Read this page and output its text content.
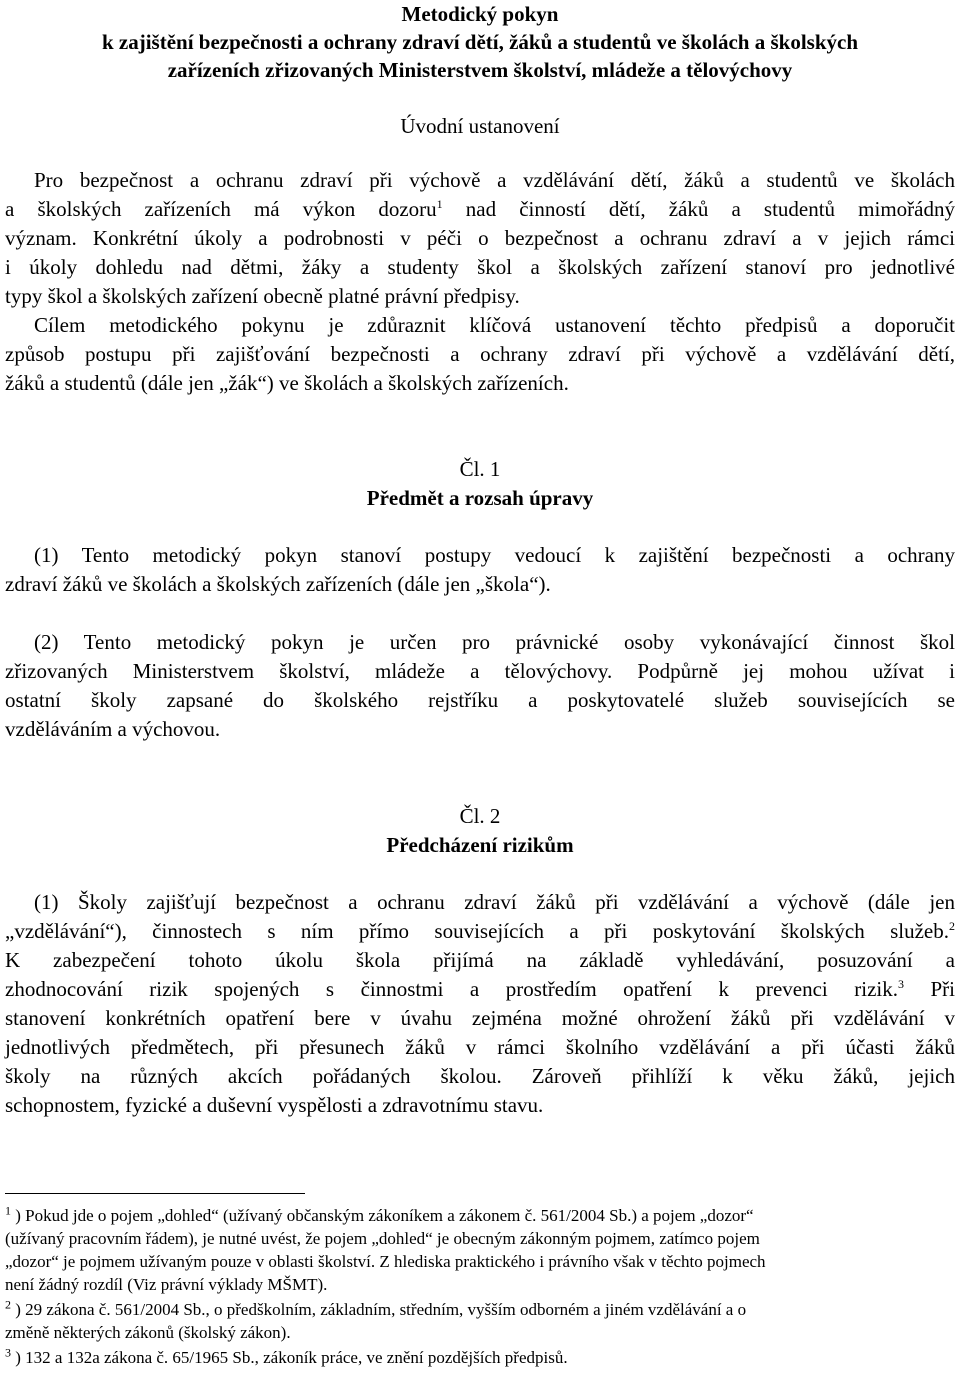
Metodický pokyn
k zajištění bezpečnosti a ochrany zdraví dětí, žáků a studentů ve školách a školských
zařízeních zřizovaných Ministerstvem školství, mládeže a tělovýchovy
Úvodní ustanovení
Pro bezpečnost a ochranu zdraví při výchově a vzdělávání dětí, žáků a studentů ve školách
a školských zařízeních má výkon dozoru$^1$ nad činností dětí, žáků a studentů mimořádný
význam. Konkrétní úkoly a podrobnosti v péči o bezpečnost a ochranu zdraví a v jejich rámci
i úkoly dohledu nad dětmi, žáky a studenty škol a školských zařízení stanoví pro jednotlivé
typy škol a školských zařízení obecně platné právní předpisy.
Cílem metodického pokynu je zdůraznit klíčová ustanovení těchto předpisů a doporučit
způsob postupu při zajišťování bezpečnosti a ochrany zdraví při výchově a vzdělávání dětí,
žáků a studentů (dále jen „žák“) ve školách a školských zařízeních.
Čl. 1
Předmět a rozsah úpravy
(1) Tento metodický pokyn stanoví postupy vedoucí k zajištění bezpečnosti a ochrany
zdraví žáků ve školách a školských zařízeních (dále jen „škola“).
(2) Tento metodický pokyn je určen pro právnické osoby vykonávající činnost škol
zřizovaných Ministerstvem školství, mládeže a tělovýchovy. Podpůrně jej mohou užívat i
ostatní školy zapsané do školského rejstříku a poskytovatelé služeb souvisejících se
vzděláváním a výchovou.
Čl. 2
Předcházení rizikům
(1) Školy zajišťují bezpečnost a ochranu zdraví žáků při vzdělávání a výchově (dále jen
„vzdělávání“), činnostech s ním přímo souvisejících a při poskytování školských služeb.$^2$
K zabezpečení tohoto úkolu škola přijímá na základě vyhledávání, posuzování a
zhodnocování rizik spojených s činnostmi a prostředím opatření k prevenci rizik.$^3$ Při
stanovení konkrétních opatření bere v úvahu zejména možné ohrožení žáků při vzdělávání v
jednotlivých předmětech, při přesunech žáků v rámci školního vzdělávání a při účasti žáků
školy na různých akcích pořádaných školou. Zároveň přihlíží k věku žáků, jejich
schopnostem, fyzické a duševní vyspělosti a zdravotnímu stavu.
$^1$ ) Pokud jde o pojem „dohled“ (užívaný občanským zákoníkem a zákonem č. 561/2004 Sb.) a pojem „dozor“
(užívaný pracovním řádem), je nutné uvést, že pojem „dohled“ je obecným zákonným pojmem, zatímco pojem
„dozor“ je pojmem užívaným pouze v oblasti školství. Z hlediska praktického i právního však v těchto pojmech
není žádný rozdíl (Viz právní výklady MŠMT).
$^2$ ) 29 zákona č. 561/2004 Sb., o předškolním, základním, středním, vyšším odborném a jiném vzdělávání a o
změně některých zákonů (školský zákon).
$^3$ ) 132 a 132a zákona č. 65/1965 Sb., zákoník práce, ve znění pozdějších předpisů.
